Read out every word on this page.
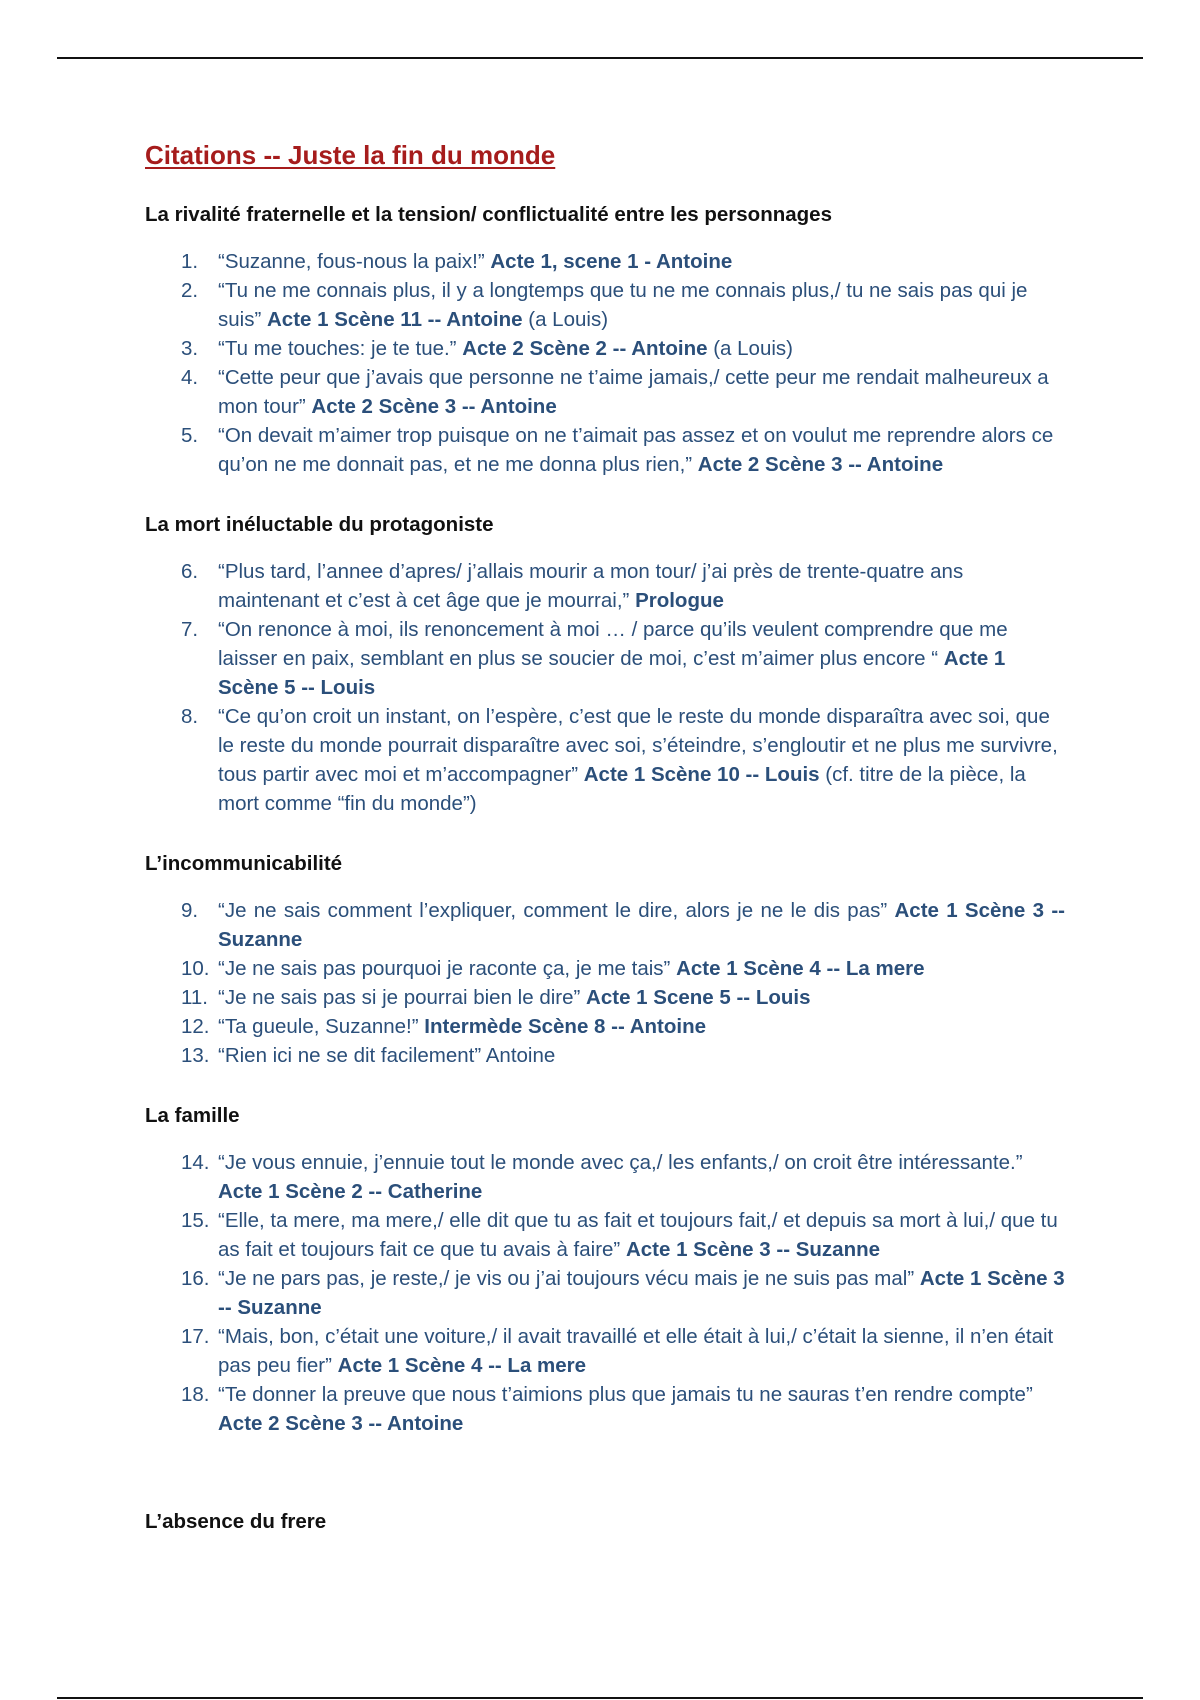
Citations -- Juste la fin du monde
La rivalité fraternelle et la tension/ conflictualité entre les personnages
1. “Suzanne, fous-nous la paix!” Acte 1, scene 1 - Antoine
2. “Tu ne me connais plus, il y a longtemps que tu ne me connais plus,/ tu ne sais pas qui je suis” Acte 1 Scène 11 -- Antoine (a Louis)
3. “Tu me touches: je te tue.” Acte 2 Scène 2 -- Antoine (a Louis)
4. “Cette peur que j’avais que personne ne t’aime jamais,/ cette peur me rendait malheureux a mon tour” Acte 2 Scène 3 -- Antoine
5. “On devait m’aimer trop puisque on ne t’aimait pas assez et on voulut me reprendre alors ce qu’on ne me donnait pas, et ne me donna plus rien,” Acte 2 Scène 3 -- Antoine
La mort inéluctable du protagoniste
6. “Plus tard, l’annee d’apres/ j’allais mourir a mon tour/ j’ai près de trente-quatre ans maintenant et c’est à cet âge que je mourrai,” Prologue
7. “On renonce à moi, ils renoncement à moi … / parce qu’ils veulent comprendre que me laisser en paix, semblant en plus se soucier de moi, c’est m’aimer plus encore “ Acte 1 Scène 5 -- Louis
8. “Ce qu’on croit un instant, on l’espère, c’est que le reste du monde disparaîtra avec soi, que le reste du monde pourrait disparaître avec soi, s’éteindre, s’engloutir et ne plus me survivre, tous partir avec moi et m’accompagner” Acte 1 Scène 10 -- Louis (cf. titre de la pièce, la mort comme “fin du monde”)
L’incommunicabilité
9. “Je ne sais comment l’expliquer, comment le dire, alors je ne le dis pas” Acte 1 Scène 3 -- Suzanne
10. “Je ne sais pas pourquoi je raconte ça, je me tais” Acte 1 Scène 4 -- La mere
11. “Je ne sais pas si je pourrai bien le dire” Acte 1 Scene 5 -- Louis
12. “Ta gueule, Suzanne!” Intermède Scène 8 -- Antoine
13. “Rien ici ne se dit facilement” Antoine
La famille
14. “Je vous ennuie, j’ennuie tout le monde avec ça,/ les enfants,/ on croit être intéressante.” Acte 1 Scène 2 -- Catherine
15. “Elle, ta mere, ma mere,/ elle dit que tu as fait et toujours fait,/ et depuis sa mort à lui,/ que tu as fait et toujours fait ce que tu avais à faire” Acte 1 Scène 3 -- Suzanne
16. “Je ne pars pas, je reste,/ je vis ou j’ai toujours vécu mais je ne suis pas mal” Acte 1 Scène 3 -- Suzanne
17. “Mais, bon, c’était une voiture,/ il avait travaillé et elle était à lui,/ c’était la sienne, il n’en était pas peu fier” Acte 1 Scène 4 -- La mere
18. “Te donner la preuve que nous t’aimions plus que jamais tu ne sauras t’en rendre compte” Acte 2 Scène 3 -- Antoine
L’absence du frere
